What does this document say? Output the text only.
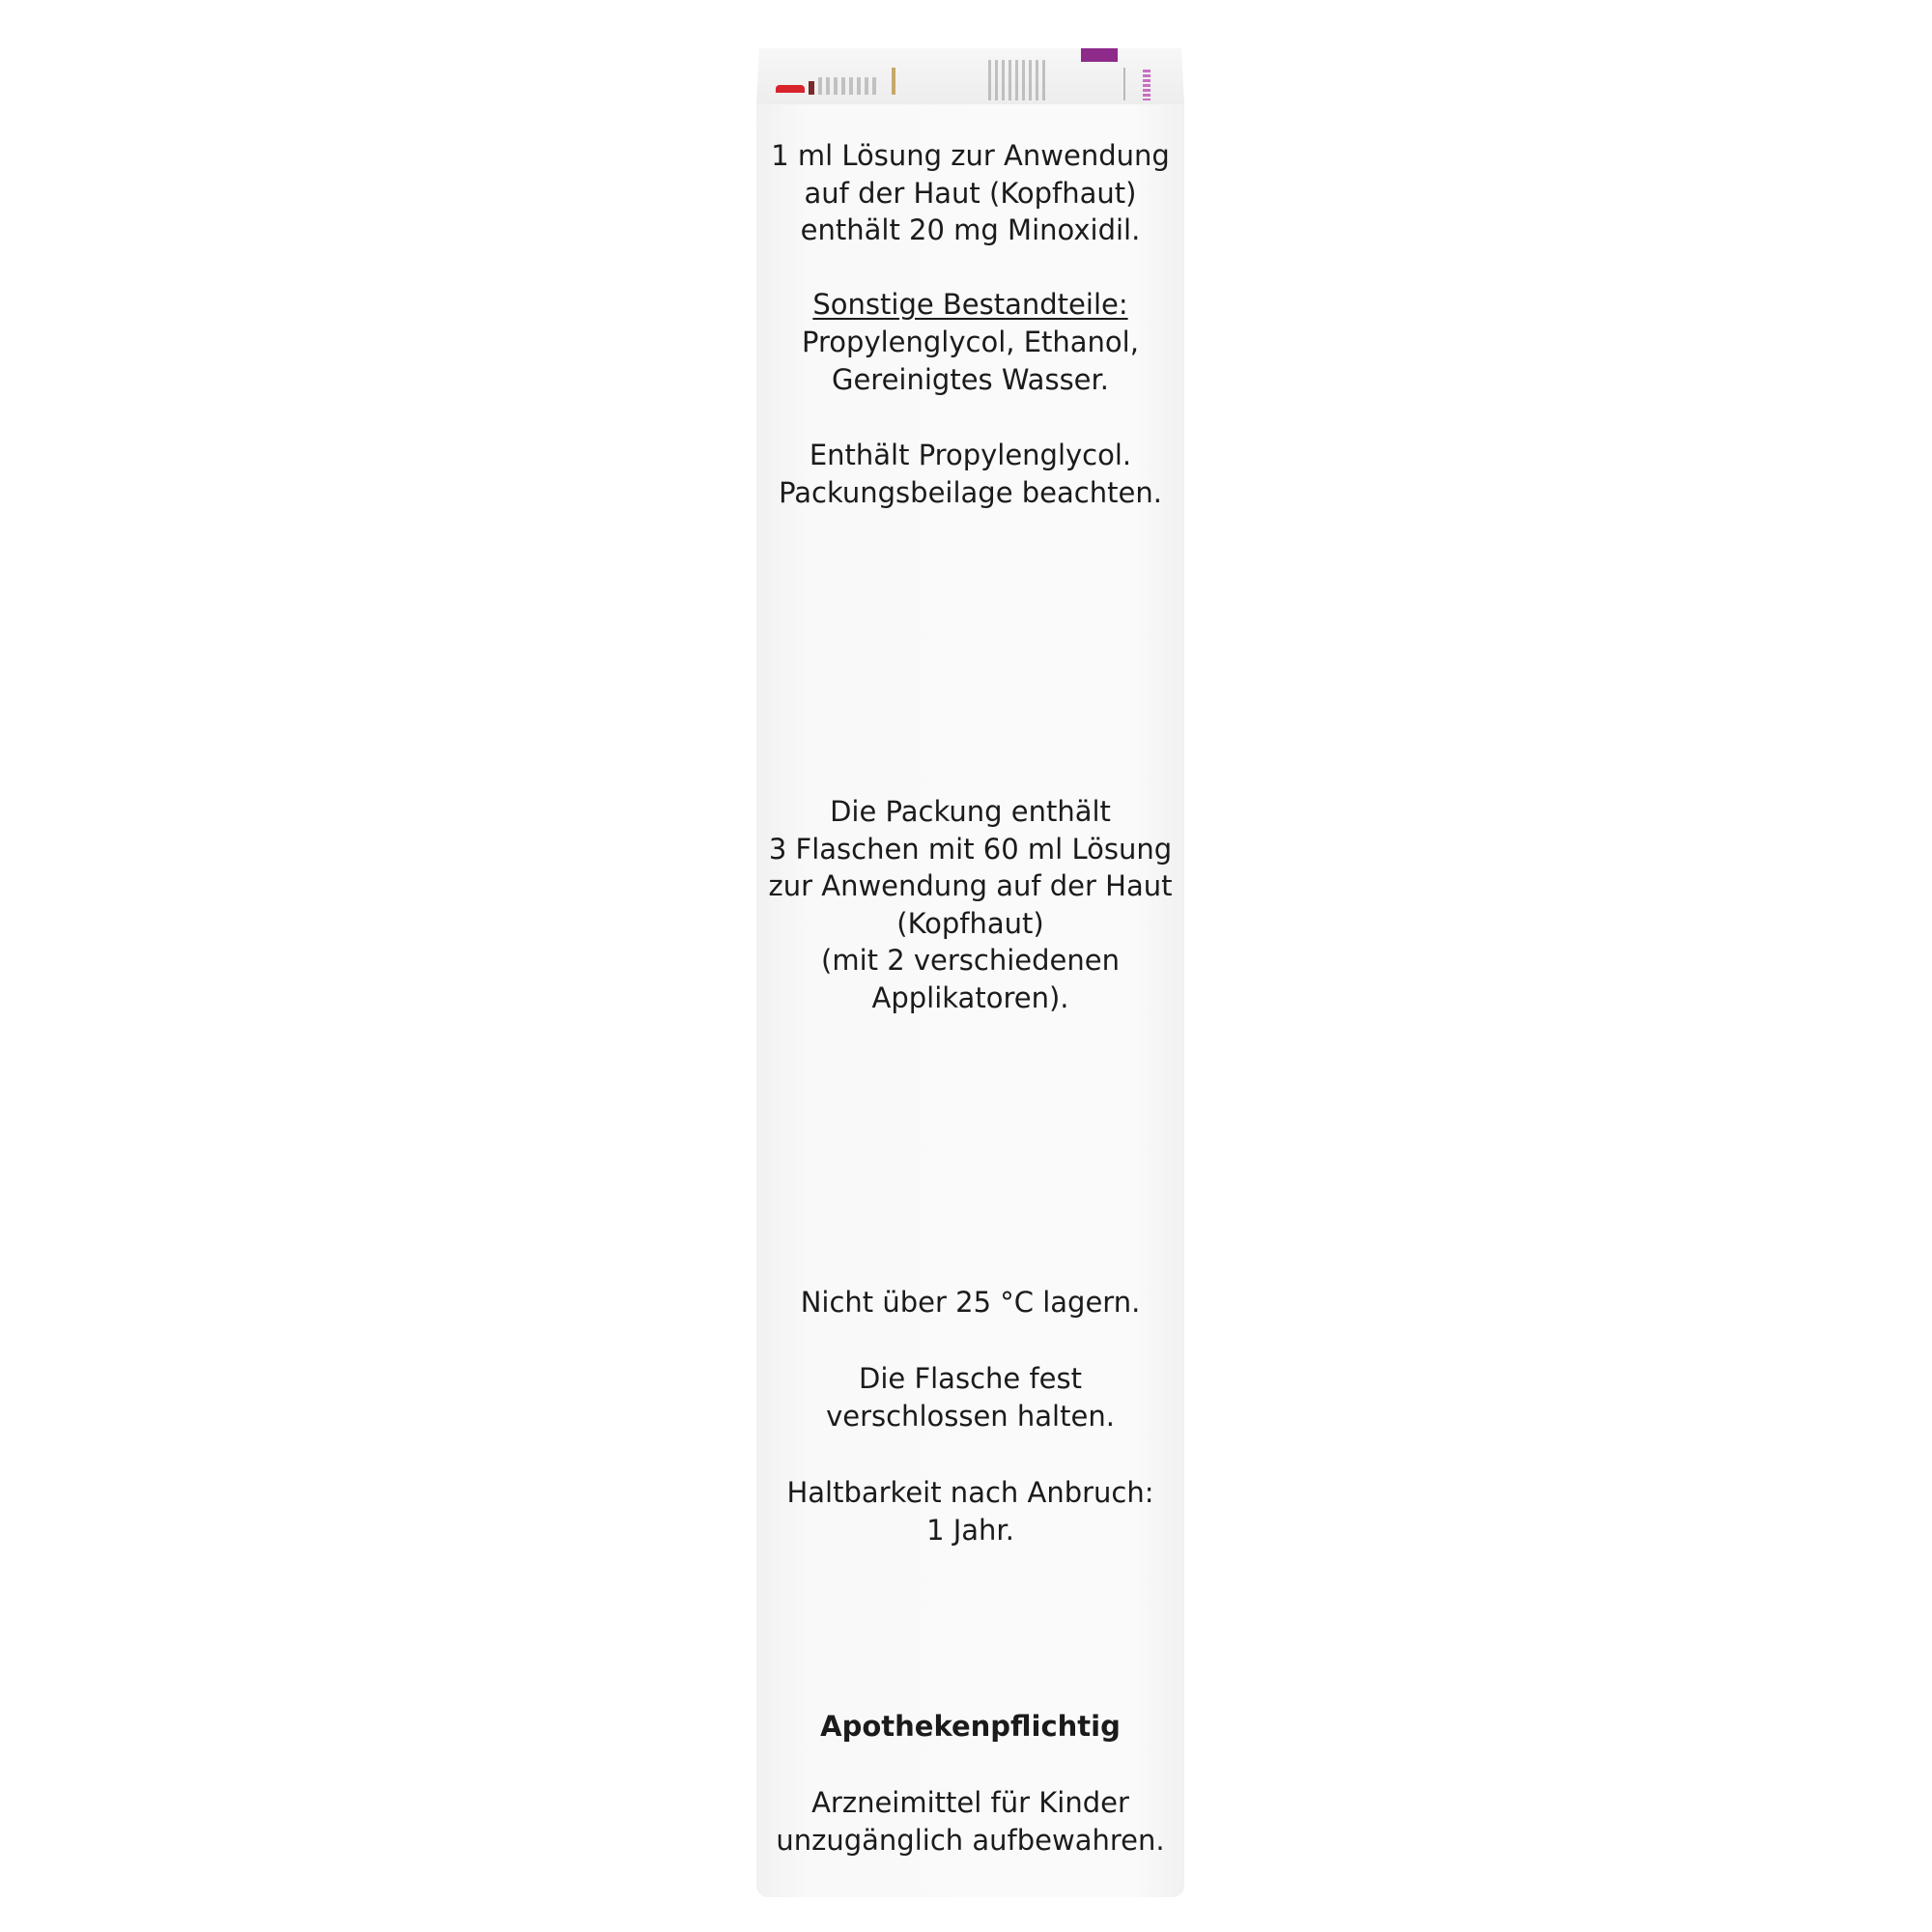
1 ml Lösung zur Anwendung
auf der Haut (Kopfhaut)
enthält 20 mg Minoxidil.
Sonstige Bestandteile:
Propylenglycol, Ethanol,
Gereinigtes Wasser.
Enthält Propylenglycol.
Packungsbeilage beachten.
Die Packung enthält
3 Flaschen mit 60 ml Lösung
zur Anwendung auf der Haut
(Kopfhaut)
(mit 2 verschiedenen
Applikatoren).
Nicht über 25 °C lagern.
Die Flasche fest
verschlossen halten.
Haltbarkeit nach Anbruch:
1 Jahr.
Apothekenpflichtig
Arzneimittel für Kinder
unzugänglich aufbewahren.
